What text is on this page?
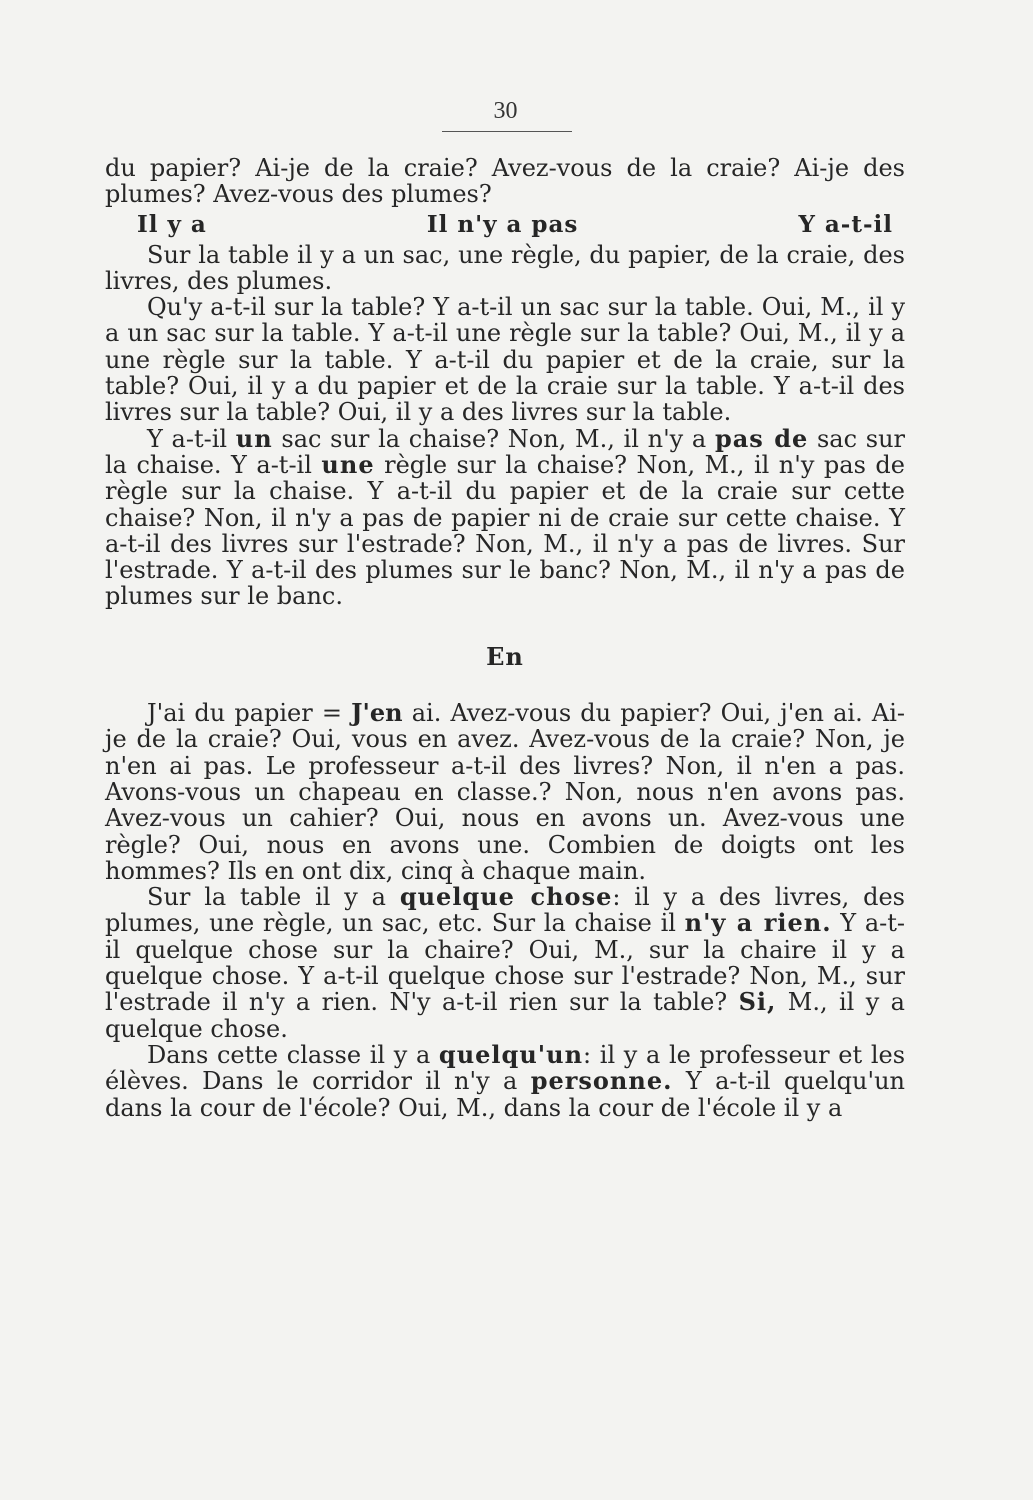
30

du papier? Ai-je de la craie? Avez-vous de la craie? Ai-je des plumes? Avez-vous des plumes?

Il y a	Il n'y a pas	Y a-t-il

Sur la table il y a un sac, une règle, du papier, de la craie, des livres, des plumes.

Qu'y a-t-il sur la table? Y a-t-il un sac sur la table. Oui, M., il y a un sac sur la table. Y a-t-il une règle sur la table? Oui, M., il y a une règle sur la table. Y a-t-il du papier et de la craie, sur la table? Oui, il y a du papier et de la craie sur la table. Y a-t-il des livres sur la table? Oui, il y a des livres sur la table.

Y a-t-il un sac sur la chaise? Non, M., il n'y a pas de sac sur la chaise. Y a-t-il une règle sur la chaise? Non, M., il n'y pas de règle sur la chaise. Y a-t-il du papier et de la craie sur cette chaise? Non, il n'y a pas de papier ni de craie sur cette chaise. Y a-t-il des livres sur l'estrade? Non, M., il n'y a pas de livres. Sur l'estrade. Y a-t-il des plumes sur le banc? Non, M., il n'y a pas de plumes sur le banc.

En

J'ai du papier = J'en ai. Avez-vous du papier? Oui, j'en ai. Ai-je de la craie? Oui, vous en avez. Avez-vous de la craie? Non, je n'en ai pas. Le professeur a-t-il des livres? Non, il n'en a pas. Avons-vous un chapeau en classe.? Non, nous n'en avons pas. Avez-vous un cahier? Oui, nous en avons un. Avez-vous une règle? Oui, nous en avons une. Combien de doigts ont les hommes? Ils en ont dix, cinq à chaque main.

Sur la table il y a quelque chose: il y a des livres, des plumes, une règle, un sac, etc. Sur la chaise il n'y a rien. Y a-t-il quelque chose sur la chaire? Oui, M., sur la chaire il y a quelque chose. Y a-t-il quelque chose sur l'estrade? Non, M., sur l'estrade il n'y a rien. N'y a-t-il rien sur la table? Si, M., il y a quelque chose.

Dans cette classe il y a quelqu'un: il y a le professeur et les élèves. Dans le corridor il n'y a personne. Y a-t-il quelqu'un dans la cour de l'école? Oui, M., dans la cour de l'école il y a
